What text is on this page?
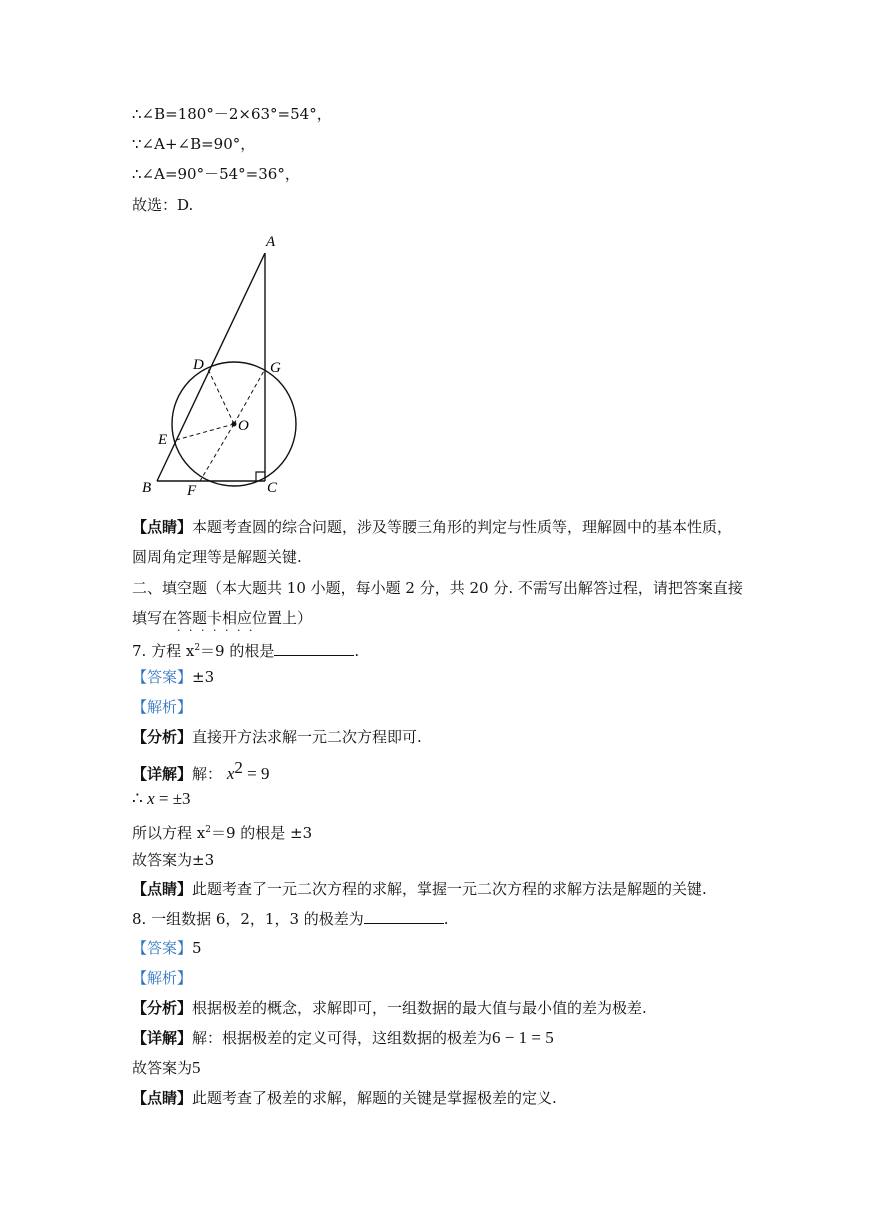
∴∠B=180°－2×63°=54°，
∵∠A+∠B=90°，
∴∠A=90°－54°=36°，
故选：D.
A
D	G
O
E
B F	C
【点睛】本题考查圆的综合问题，涉及等腰三角形的判定与性质等，理解圆中的基本性质，
圆周角定理等是解题关键.
二、填空题（本大题共 10 小题，每小题 2 分，共 20 分. 不需写出解答过程，请把答案直接
填写在答题卡相应位置上）
·······
7. 方程 $x^2=9$ 的根是	.
【答案】±3
【解析】
【分析】直接开方法求解一元二次方程即可.
【详解】解： $x^2 = 9$
∴ x = ±3
所以方程 $x^2=9$ 的根是 ±3
故答案为±3
【点睛】此题考查了一元二次方程的求解，掌握一元二次方程的求解方法是解题的关键.
8. 一组数据 6，2，1，3 的极差为	.
【答案】5
【解析】
【分析】根据极差的概念，求解即可，一组数据的最大值与最小值的差为极差.
【详解】解：根据极差的定义可得，这组数据的极差为6 − 1 = 5
故答案为5
【点睛】此题考查了极差的求解，解题的关键是掌握极差的定义.
